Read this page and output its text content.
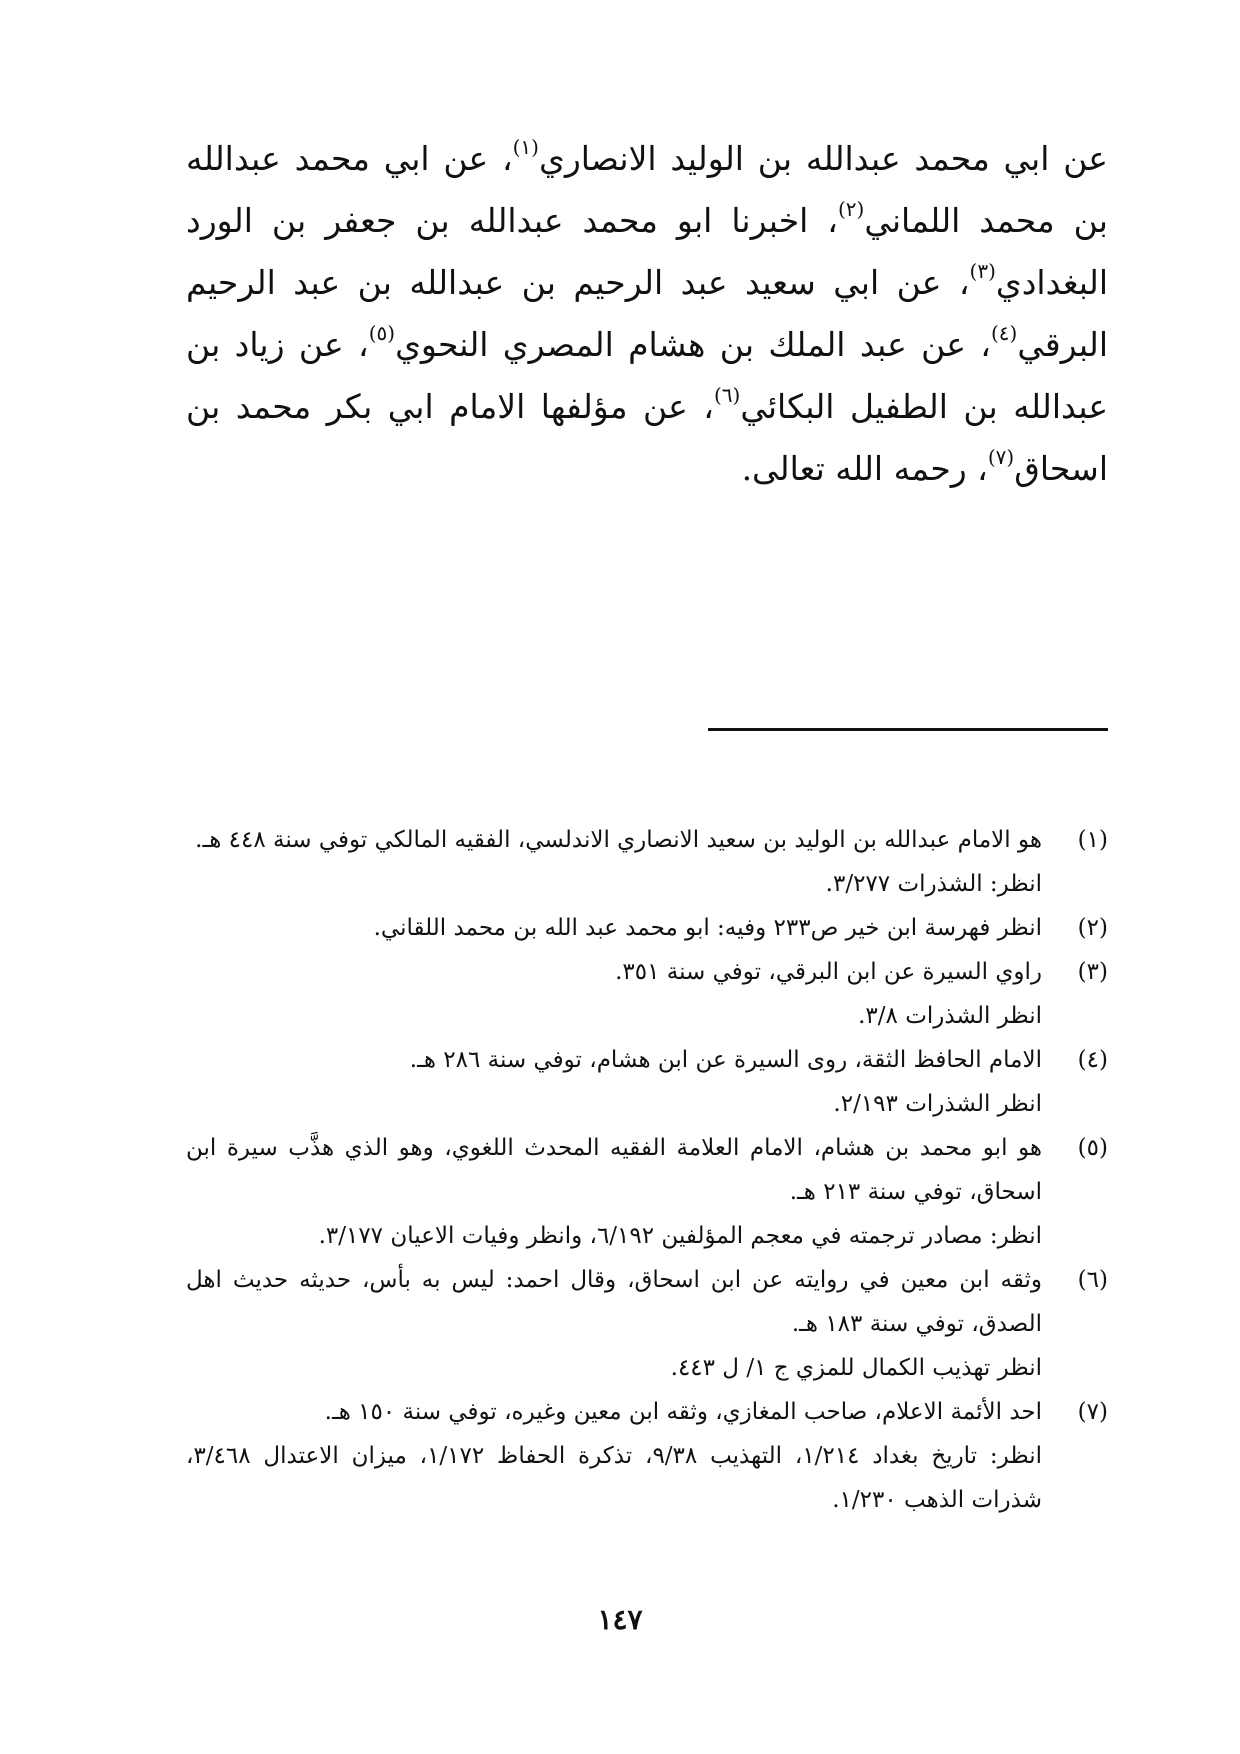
عن ابي محمد عبدالله بن الوليد الانصاري$^{(١)}$، عن ابي محمد عبدالله بن محمد اللماني$^{(٢)}$، اخبرنا ابو محمد عبدالله بن جعفر بن الورد البغدادي$^{(٣)}$، عن ابي سعيد عبد الرحيم بن عبدالله بن عبد الرحيم البرقي$^{(٤)}$، عن عبد الملك بن هشام المصري النحوي$^{(٥)}$، عن زياد بن عبدالله بن الطفيل البكائي$^{(٦)}$، عن مؤلفها الامام ابي بكر محمد بن اسحاق$^{(٧)}$، رحمه الله تعالى.

(١)

هو الامام عبدالله بن الوليد بن سعيد الانصاري الاندلسي، الفقيه المالكي توفي سنة ٤٤٨ هـ.

انظر: الشذرات ٣/٢٧٧.

(٢)

انظر فهرسة ابن خير ص٢٣٣ وفيه: ابو محمد عبد الله بن محمد اللقاني.

(٣)

راوي السيرة عن ابن البرقي، توفي سنة ٣٥١.

انظر الشذرات ٣/٨.

(٤)

الامام الحافظ الثقة، روى السيرة عن ابن هشام، توفي سنة ٢٨٦ هـ.

انظر الشذرات ٢/١٩٣.

(٥)

هو ابو محمد بن هشام، الامام العلامة الفقيه المحدث اللغوي، وهو الذي هذَّب سيرة ابن اسحاق، توفي سنة ٢١٣ هـ.

انظر: مصادر ترجمته في معجم المؤلفين ٦/١٩٢، وانظر وفيات الاعيان ٣/١٧٧.

(٦)

وثقه ابن معين في روايته عن ابن اسحاق، وقال احمد: ليس به بأس، حديثه حديث اهل الصدق، توفي سنة ١٨٣ هـ.

انظر تهذيب الكمال للمزي ج ١/ ل ٤٤٣.

(٧)

احد الأئمة الاعلام، صاحب المغازي، وثقه ابن معين وغيره، توفي سنة ١٥٠ هـ.

انظر: تاريخ بغداد ١/٢١٤، التهذيب ٩/٣٨، تذكرة الحفاظ ١/١٧٢، ميزان الاعتدال ٣/٤٦٨، شذرات الذهب ١/٢٣٠.

١٤٧
